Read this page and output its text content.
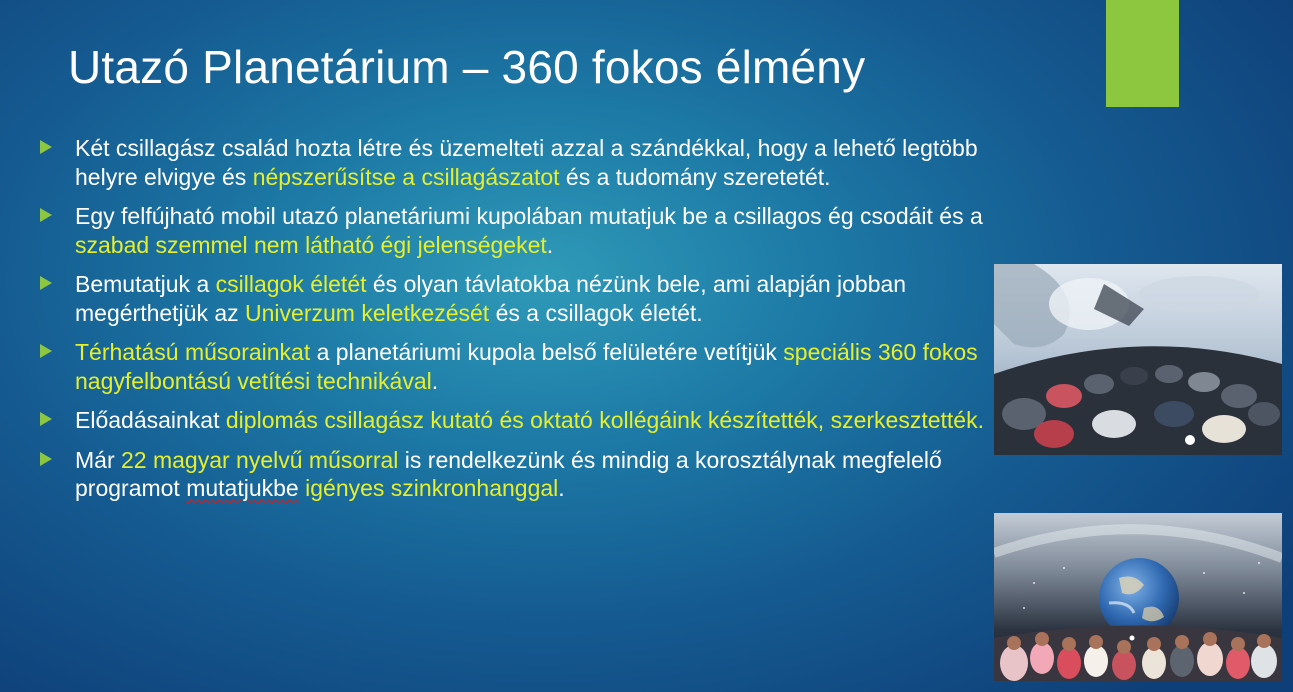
Utazó Planetárium – 360 fokos élmény
Két csillagász család hozta létre és üzemelteti azzal a szándékkal, hogy a lehető legtöbb helyre elvigye és népszerűsítse a csillagászatot és a tudomány szeretetét.
Egy felfújható mobil utazó planetáriumi kupolában mutatjuk be a csillagos ég csodáit és a szabad szemmel nem látható égi jelenségeket.
Bemutatjuk a csillagok életét és olyan távlatokba nézünk bele, ami alapján jobban megérthetjük az Univerzum keletkezését és a csillagok életét.
Térhatású műsorainkat a planetáriumi kupola belső felületére vetítjük speciális 360 fokos nagyfelbontású vetítési technikával.
Előadásainkat diplomás csillagász kutató és oktató kollégáink készítették, szerkesztették.
Már 22 magyar nyelvű műsorral is rendelkezünk és mindig a korosztálynak megfelelő programot mutatjukbe igényes szinkronhanggal.
